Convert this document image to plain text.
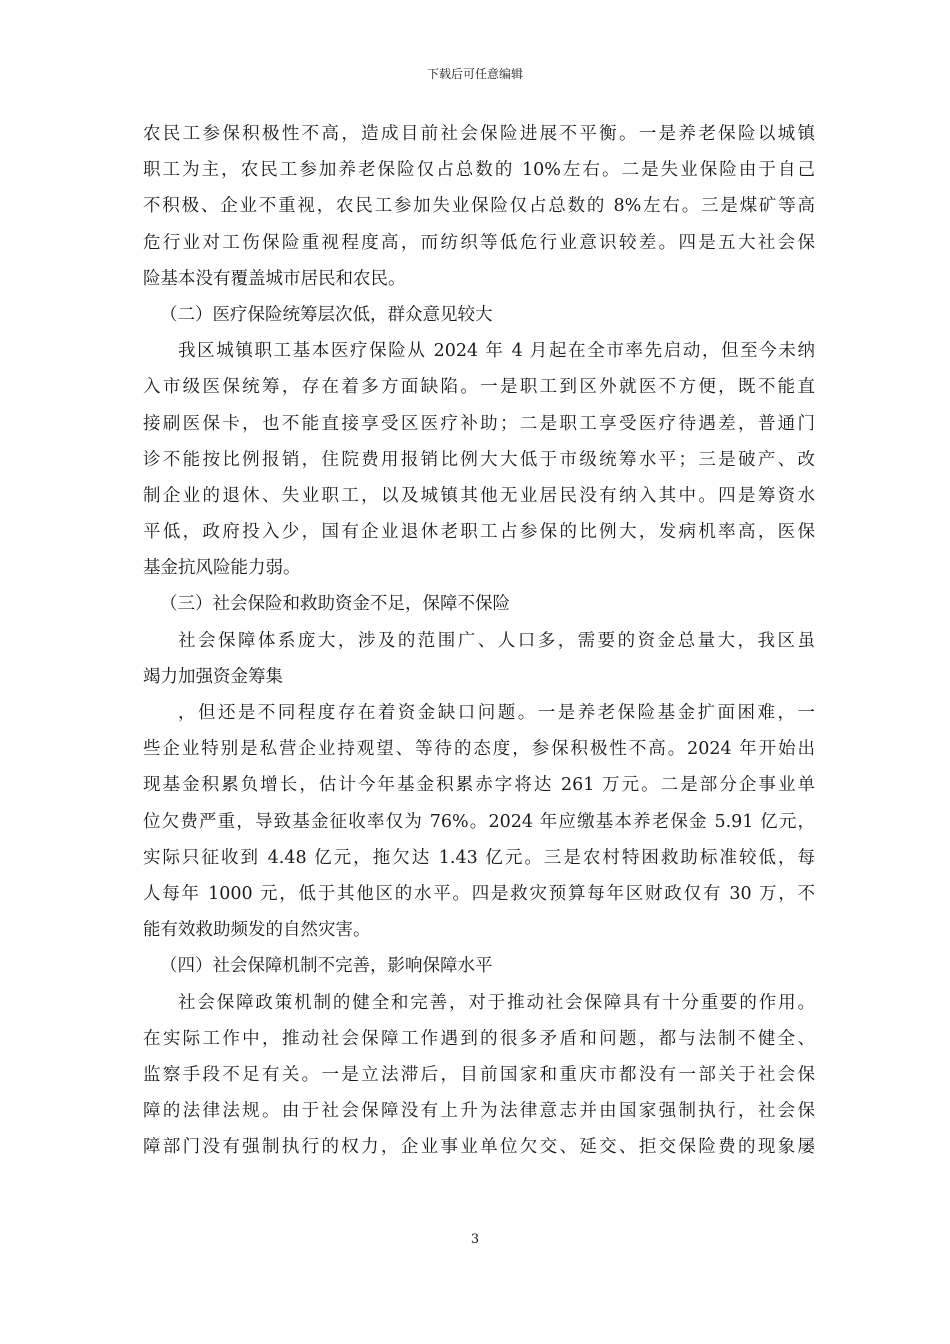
下载后可任意编辑
农民工参保积极性不高，造成目前社会保险进展不平衡。一是养老保险以城镇
职工为主，农民工参加养老保险仅占总数的 10%左右。二是失业保险由于自己
不积极、企业不重视，农民工参加失业保险仅占总数的 8%左右。三是煤矿等高
危行业对工伤保险重视程度高，而纺织等低危行业意识较差。四是五大社会保
险基本没有覆盖城市居民和农民。
（二）医疗保险统筹层次低，群众意见较大
我区城镇职工基本医疗保险从 2024 年 4 月起在全市率先启动，但至今未纳
入市级医保统筹，存在着多方面缺陷。一是职工到区外就医不方便，既不能直
接刷医保卡，也不能直接享受区医疗补助；二是职工享受医疗待遇差，普通门
诊不能按比例报销，住院费用报销比例大大低于市级统筹水平；三是破产、改
制企业的退休、失业职工，以及城镇其他无业居民没有纳入其中。四是筹资水
平低，政府投入少，国有企业退休老职工占参保的比例大，发病机率高，医保
基金抗风险能力弱。
（三）社会保险和救助资金不足，保障不保险
社会保障体系庞大，涉及的范围广、人口多，需要的资金总量大，我区虽
竭力加强资金筹集
，但还是不同程度存在着资金缺口问题。一是养老保险基金扩面困难，一
些企业特别是私营企业持观望、等待的态度，参保积极性不高。2024 年开始出
现基金积累负增长，估计今年基金积累赤字将达 261 万元。二是部分企事业单
位欠费严重，导致基金征收率仅为 76%。2024 年应缴基本养老保金 5.91 亿元，
实际只征收到 4.48 亿元，拖欠达 1.43 亿元。三是农村特困救助标准较低，每
人每年 1000 元，低于其他区的水平。四是救灾预算每年区财政仅有 30 万，不
能有效救助频发的自然灾害。
（四）社会保障机制不完善，影响保障水平
社会保障政策机制的健全和完善，对于推动社会保障具有十分重要的作用。
在实际工作中，推动社会保障工作遇到的很多矛盾和问题，都与法制不健全、
监察手段不足有关。一是立法滞后，目前国家和重庆市都没有一部关于社会保
障的法律法规。由于社会保障没有上升为法律意志并由国家强制执行，社会保
障部门没有强制执行的权力，企业事业单位欠交、延交、拒交保险费的现象屡
3
